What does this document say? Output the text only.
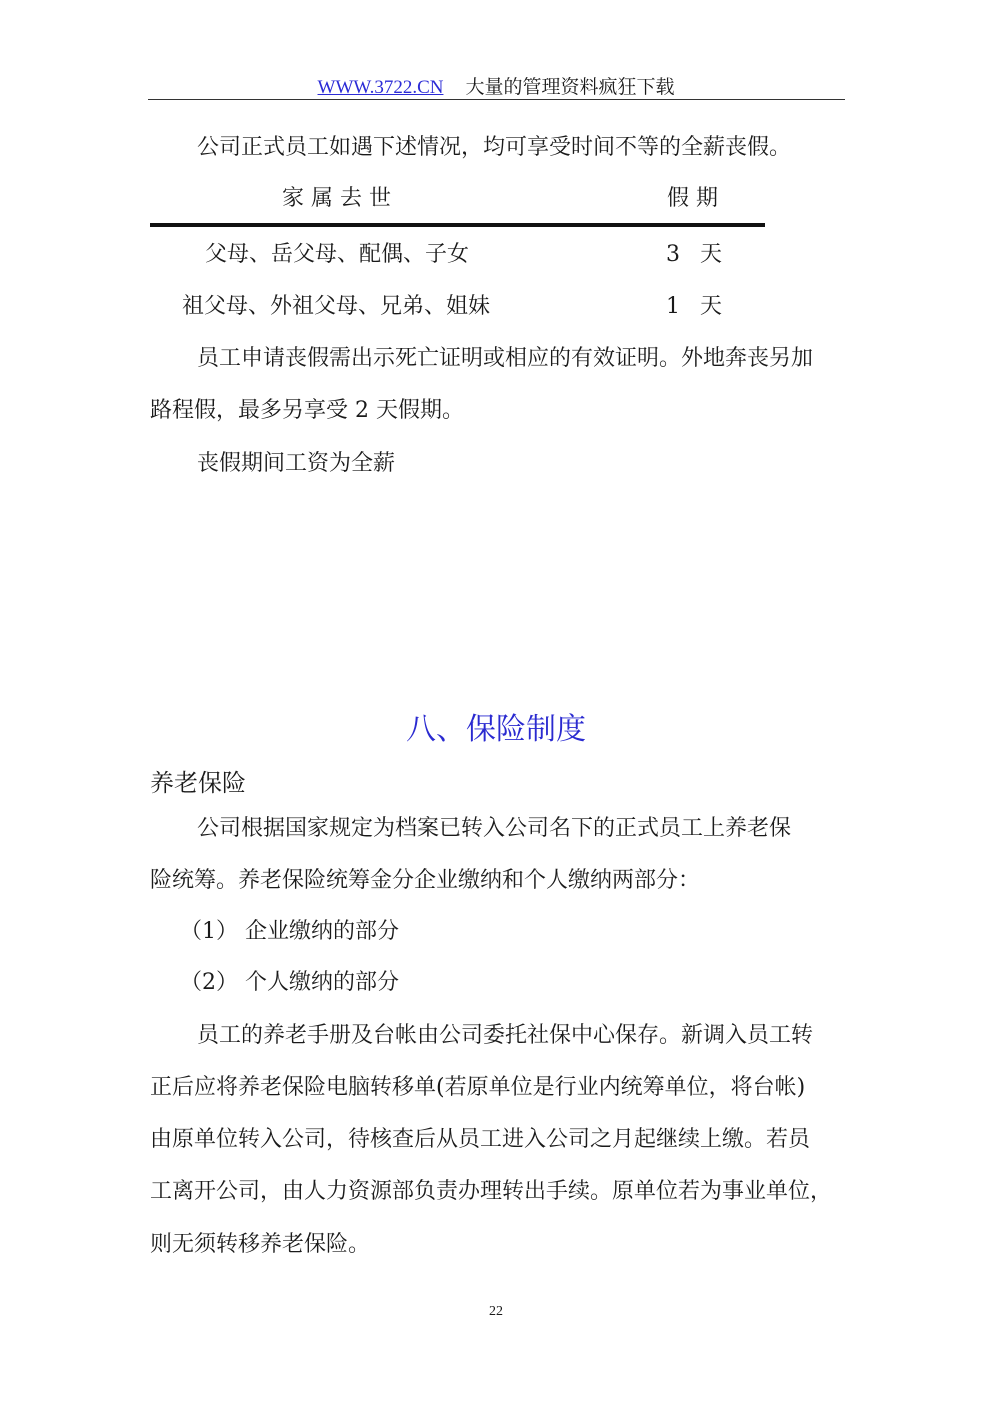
WWW.3722.CN 大量的管理资料疯狂下载
公司正式员工如遇下述情况，均可享受时间不等的全薪丧假。
家 属 去 世	假 期
父母、岳父母、配偶、子女	3 天
祖父母、外祖父母、兄弟、姐妹	1 天
员工申请丧假需出示死亡证明或相应的有效证明。外地奔丧另加
路程假，最多另享受 2 天假期。
丧假期间工资为全薪
八、保险制度
养老保险
公司根据国家规定为档案已转入公司名下的正式员工上养老保
险统筹。养老保险统筹金分企业缴纳和个人缴纳两部分：
（1） 企业缴纳的部分
（2） 个人缴纳的部分
员工的养老手册及台帐由公司委托社保中心保存。新调入员工转
正后应将养老保险电脑转移单(若原单位是行业内统筹单位，将台帐)
由原单位转入公司，待核查后从员工进入公司之月起继续上缴。若员
工离开公司，由人力资源部负责办理转出手续。原单位若为事业单位，
则无须转移养老保险。
22
